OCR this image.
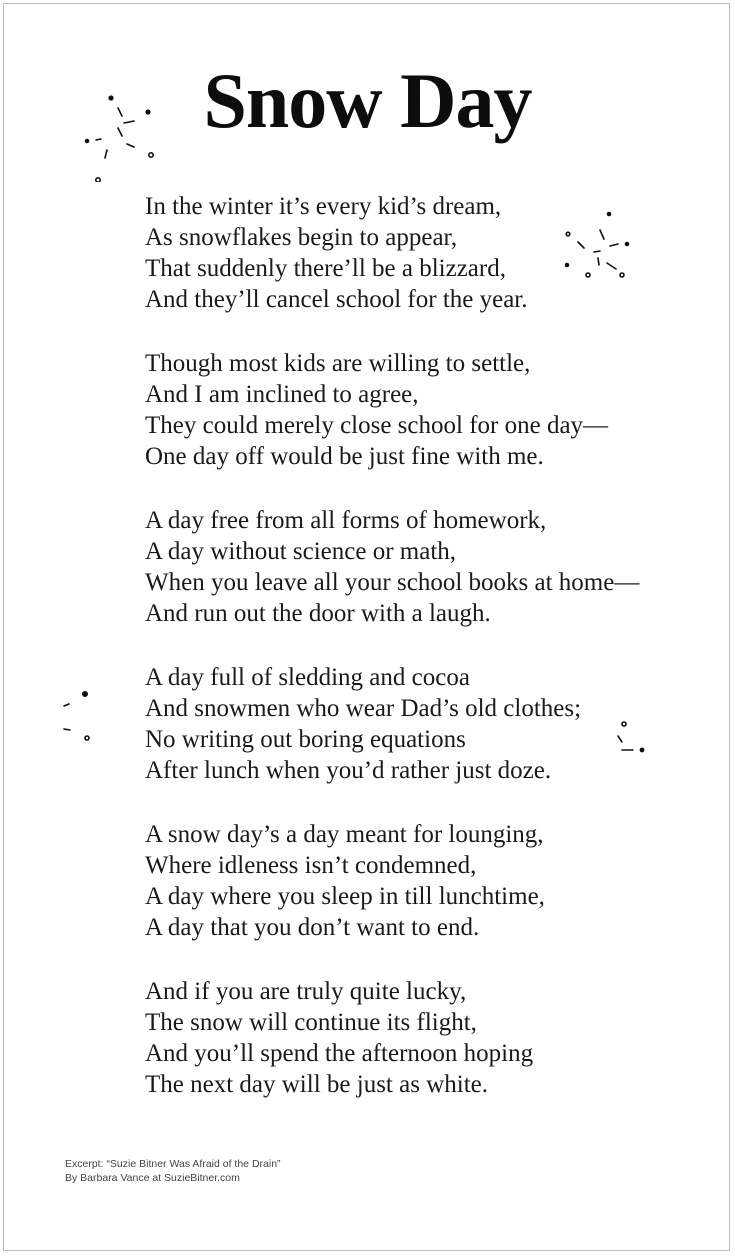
Snow Day
In the winter it’s every kid’s dream,
As snowflakes begin to appear,
That suddenly there’ll be a blizzard,
And they’ll cancel school for the year.
Though most kids are willing to settle,
And I am inclined to agree,
They could merely close school for one day—
One day off would be just fine with me.
A day free from all forms of homework,
A day without science or math,
When you leave all your school books at home—
And run out the door with a laugh.
A day full of sledding and cocoa
And snowmen who wear Dad’s old clothes;
No writing out boring equations
After lunch when you’d rather just doze.
A snow day’s a day meant for lounging,
Where idleness isn’t condemned,
A day where you sleep in till lunchtime,
A day that you don’t want to end.
And if you are truly quite lucky,
The snow will continue its flight,
And you’ll spend the afternoon hoping
The next day will be just as white.
Excerpt: “Suzie Bitner Was Afraid of the Drain”
By Barbara Vance at SuzieBitner.com
